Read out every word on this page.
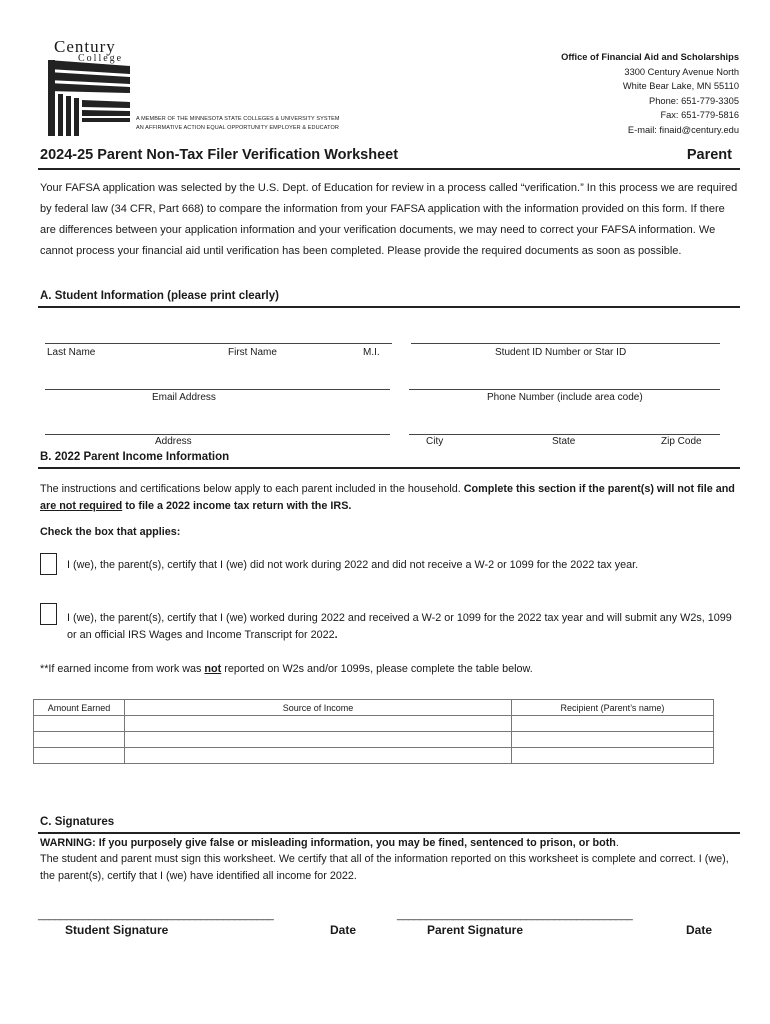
Century
College
A MEMBER OF THE MINNESOTA STATE COLLEGES & UNIVERSITY SYSTEM
AN AFFIRMATIVE ACTION EQUAL OPPORTUNITY EMPLOYER & EDUCATOR
Office of Financial Aid and Scholarships
3300 Century Avenue North
White Bear Lake, MN 55110
Phone: 651-779-3305
Fax: 651-779-5816
E-mail: finaid@century.edu
2024-25 Parent Non-Tax Filer Verification Worksheet	Parent
Your FAFSA application was selected by the U.S. Dept. of Education for review in a process called “verification.” In this process we are required by federal law (34 CFR, Part 668) to compare the information from your FAFSA application with the information provided on this form. If there are differences between your application information and your verification documents, we may need to correct your FAFSA information. We cannot process your financial aid until verification has been completed. Please provide the required documents as soon as possible.
A. Student Information (please print clearly)
Last Name	First Name	M.I.	Student ID Number or Star ID
Email Address	Phone Number (include area code)
Address	City	State	Zip Code
B. 2022 Parent Income Information
The instructions and certifications below apply to each parent included in the household. Complete this section if the parent(s) will not file and are not required to file a 2022 income tax return with the IRS.
Check the box that applies:
I (we), the parent(s), certify that I (we) did not work during 2022 and did not receive a W-2 or 1099 for the 2022 tax year.
I (we), the parent(s), certify that I (we) worked during 2022 and received a W-2 or 1099 for the 2022 tax year and will submit any W2s, 1099 or an official IRS Wages and Income Transcript for 2022.
**If earned income from work was not reported on W2s and/or 1099s, please complete the table below.
Amount Earned	Source of Income	Recipient (Parent’s name)

C. Signatures
WARNING: If you purposely give false or misleading information, you may be fined, sentenced to prison, or both.
The student and parent must sign this worksheet. We certify that all of the information reported on this worksheet is complete and correct. I (we), the parent(s), certify that I (we) have identified all income for 2022.
__________________________________________	__________________________________________
Student Signature	Date	Parent Signature	Date
